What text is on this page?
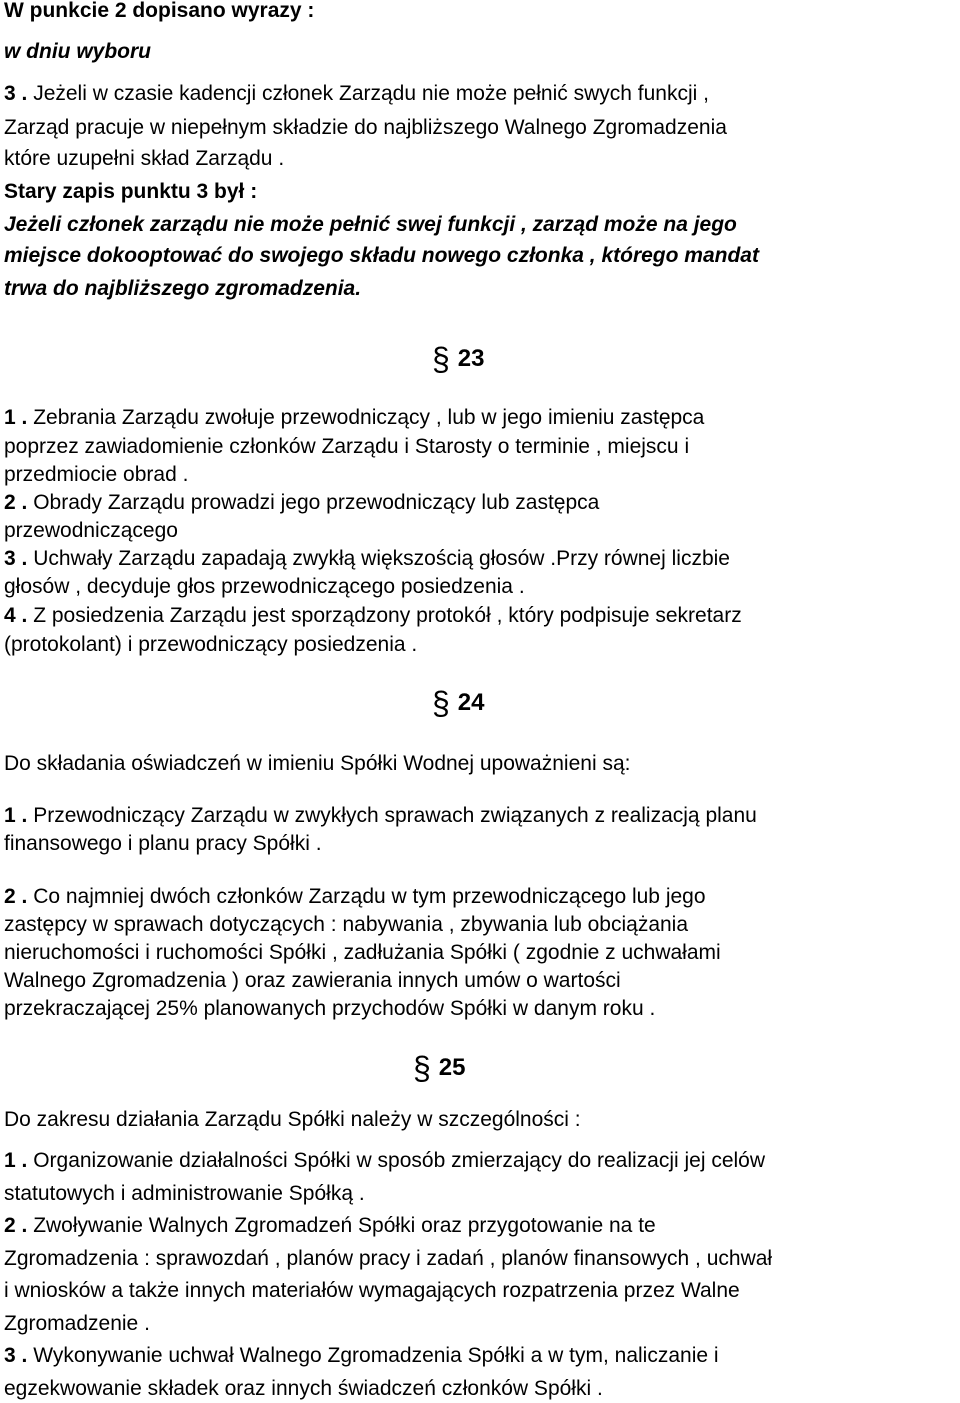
W punkcie 2 dopisano wyrazy :
w dniu wyboru
3 . Jeżeli w czasie kadencji członek Zarządu nie może pełnić swych funkcji ,
Zarząd pracuje w niepełnym składzie do najbliższego Walnego Zgromadzenia
które uzupełni skład Zarządu .
Stary zapis punktu 3 był :
Jeżeli członek zarządu nie może pełnić swej funkcji , zarząd może na jego
miejsce dokooptować do swojego składu nowego członka , którego mandat
trwa do najbliższego zgromadzenia.
§ 23
1 . Zebrania Zarządu zwołuje przewodniczący , lub w jego imieniu zastępca
poprzez zawiadomienie członków Zarządu i Starosty o terminie , miejscu i
przedmiocie obrad .
2 . Obrady Zarządu prowadzi jego przewodniczący lub zastępca
przewodniczącego
3 . Uchwały Zarządu zapadają zwykłą większością głosów .Przy równej liczbie
głosów , decyduje głos przewodniczącego posiedzenia .
4 . Z posiedzenia Zarządu jest sporządzony protokół , który podpisuje sekretarz
(protokolant) i przewodniczący posiedzenia .
§ 24
Do składania oświadczeń w imieniu Spółki Wodnej upoważnieni są:
1 . Przewodniczący Zarządu w zwykłych sprawach związanych z realizacją planu
finansowego i planu pracy Spółki .
2 . Co najmniej dwóch członków Zarządu w tym przewodniczącego lub jego
zastępcy w sprawach dotyczących : nabywania , zbywania lub obciążania
nieruchomości i ruchomości Spółki , zadłużania Spółki ( zgodnie z uchwałami
Walnego Zgromadzenia ) oraz zawierania innych umów o wartości
przekraczającej 25% planowanych przychodów Spółki w danym roku .
§ 25
Do zakresu działania Zarządu Spółki należy w szczególności :
1 . Organizowanie działalności Spółki w sposób zmierzający do realizacji jej celów
statutowych i administrowanie Spółką .
2 . Zwoływanie Walnych Zgromadzeń Spółki oraz przygotowanie na te
Zgromadzenia : sprawozdań , planów pracy i zadań , planów finansowych , uchwał
i wniosków a także innych materiałów wymagających rozpatrzenia przez Walne
Zgromadzenie .
3 . Wykonywanie uchwał Walnego Zgromadzenia Spółki a w tym, naliczanie i
egzekwowanie składek oraz innych świadczeń członków Spółki .
